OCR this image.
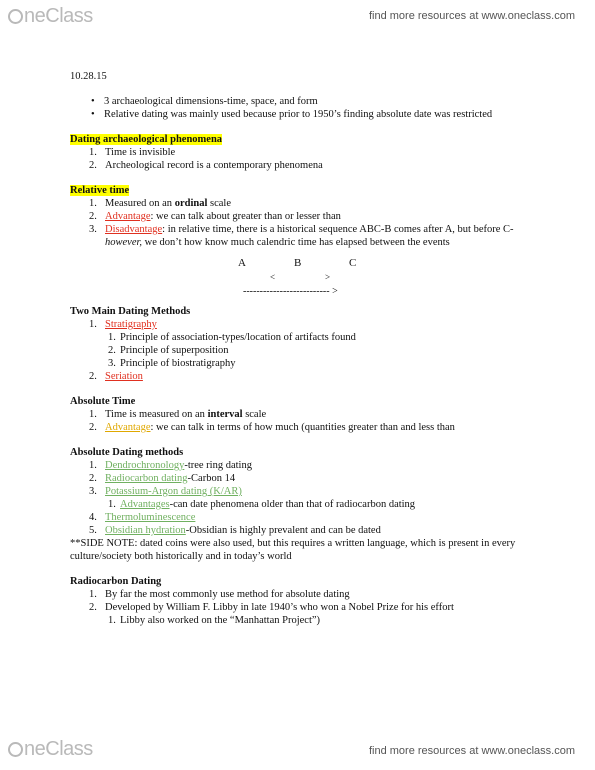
neClass	find more resources at www.oneclass.com

10.28.15

• 3 archaeological dimensions-time, space, and form
• Relative dating was mainly used because prior to 1950’s finding absolute date was restricted

Dating archaeological phenomena

1. Time is invisible
2. Archeological record is a contemporary phenomena

Relative time

1. Measured on an ordinal scale
2. Advantage: we can talk about greater than or lesser than
3. Disadvantage: in relative time, there is a historical sequence ABC-B comes after A, but before C-however, we don’t how know much calendric time has elapsed between the events
A	B	C
<	>
-------------------------- >

Two Main Dating Methods

1. Stratigraphy
1. Principle of association-types/location of artifacts found
2. Principle of superposition
3. Principle of biostratigraphy
2. Seriation

Absolute Time

1. Time is measured on an interval scale
2. Advantage: we can talk in terms of how much (quantities greater than and less than

Absolute Dating methods

1. Dendrochronology-tree ring dating
2. Radiocarbon dating-Carbon 14
3. Potassium-Argon dating (K/AR)
1. Advantages-can date phenomena older than that of radiocarbon dating
4. Thermoluminescence
5. Obsidian hydration-Obsidian is highly prevalent and can be dated

**SIDE NOTE: dated coins were also used, but this requires a written language, which is present in every culture/society both historically and in today’s world

Radiocarbon Dating

1. By far the most commonly use method for absolute dating
2. Developed by William F. Libby in late 1940’s who won a Nobel Prize for his effort
1. Libby also worked on the “Manhattan Project”)
neClass	find more resources at www.oneclass.com
